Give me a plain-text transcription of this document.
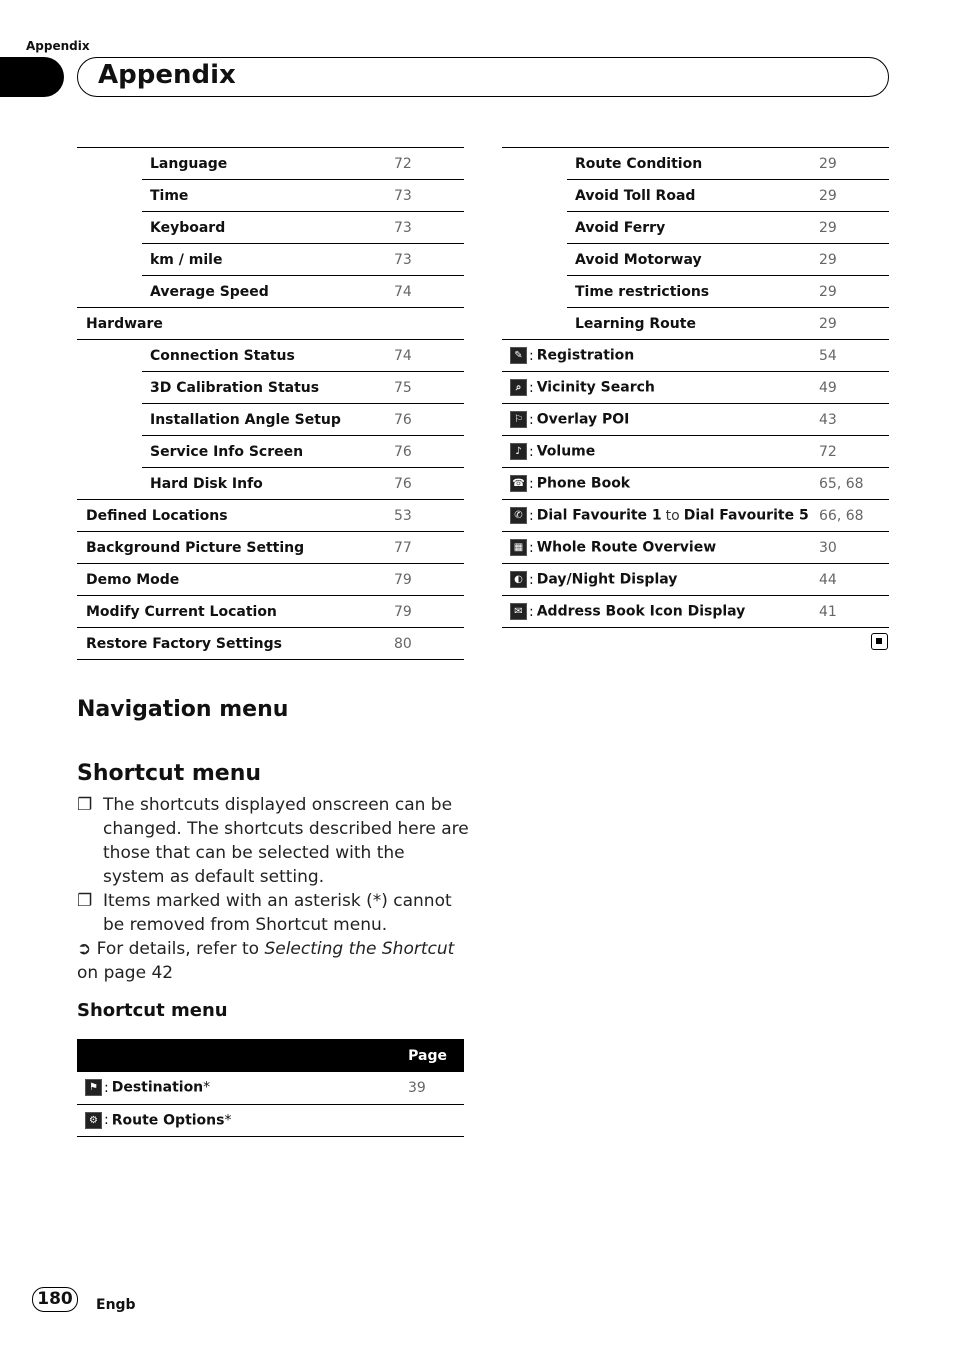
Appendix
Appendix
	Language	72
	Time	73
	Keyboard	73
	km / mile	73
	Average Speed	74
Hardware		
	Connection Status	74
	3D Calibration Status	75
	Installation Angle Setup	76
	Service Info Screen	76
	Hard Disk Info	76
Defined Locations		53
Background Picture Setting		77
Demo Mode		79
Modify Current Location		79
Restore Factory Settings		80
	Route Condition	29
	Avoid Toll Road	29
	Avoid Ferry	29
	Avoid Motorway	29
	Time restrictions	29
	Learning Route	29
✎ : Registration		54
⌕ : Vicinity Search		49
⚐ : Overlay POI		43
♪ : Volume		72
☎ : Phone Book		65, 68
✆ : Dial Favourite 1 to Dial Favourite 5		66, 68
▦ : Whole Route Overview		30
◐ : Day/Night Display		44
✉ : Address Book Icon Display		41
Navigation menu
Shortcut menu
❐ The shortcuts displayed onscreen can be changed. The shortcuts described here are those that can be selected with the system as default setting.
❐ Items marked with an asterisk (*) cannot be removed from Shortcut menu.
➲ For details, refer to Selecting the Shortcut on page 42
Shortcut menu
Page	
⚑ : Destination*	39
⚙ : Route Options*	
180	Engb
